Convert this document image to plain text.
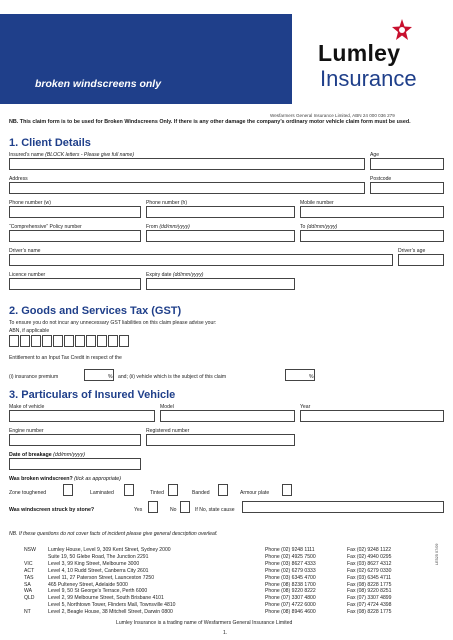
broken windscreens only
Lumley
Insurance
Wesfarmers General Insurance Limited, ABN 24 000 036 279
NB. This claim form is to be used for Broken Windscreens Only. If there is any other damage the company’s ordinary motor vehicle claim form must be used.
1. Client Details
Insured’s name (BLOCK letters - Please give full name)	Age
Address	Postcode
Phone number (w)	Phone number (h)	Mobile number
“Comprehensive” Policy number	From (dd/mm/yyyy)	To (dd/mm/yyyy)
Driver’s name	Driver’s age
Licence number	Expiry date (dd/mm/yyyy)
2. Goods and Services Tax (GST)
To ensure you do not incur any unnecessary GST liabilities on this claim please advise your:
ABN, if applicable
Entitlement to an Input Tax Credit in respect of the
(i) insurance premium	% and; (ii) vehicle which is the subject of this claim	%
3. Particulars of Insured Vehicle
Make of vehicle	Model	Year
Engine number	Registered number
Date of breakage (dd/mm/yyyy)
Was broken windscreen? (tick as appropriate)
Zone toughened	Laminated	Tinted	Banded	Armour plate
Was windscreen struck by stone?	Yes	No	If No, state cause
NB. If these questions do not cover facts of incident please give general description overleaf.
NSW Lumley House, Level 9, 309 Kent Street, Sydney 2000	Phone (02) 9248 1111	Fax (02) 9248 1122
Suite 19, 50 Glebe Road, The Junction 2291	Phone (02) 4925 7500	Fax (02) 4940 0295
VIC	Level 3, 99 King Street, Melbourne 3000	Phone (03) 8627 4333	Fax (03) 8627 4312
ACT	Level 4, 10 Rudd Street, Canberra City 2601	Phone (02) 6279 0333	Fax (02) 6279 0330
TAS	Level 11, 27 Paterson Street, Launceston 7250	Phone (03) 6345 4700	Fax (03) 6345 4711
SA	465 Pulteney Street, Adelaide 5000	Phone (08) 8238 1700	Fax (08) 8228 1775
WA	Level 9, 50 St George’s Terrace, Perth 6000	Phone (08) 9220 8222	Fax (08) 9220 8251
QLD	Level 2, 99 Melbourne Street, South Brisbane 4101	Phone (07) 3307 4800	Fax (07) 3307 4899
Level 5, Northtown Tower, Flinders Mall, Townsville 4810	Phone (07) 4722 6000	Fax (07) 4724 4398
NT	Level 2, Beagle House, 38 Mitchell Street, Darwin 0800	Phone (08) 8946 4600	Fax (08) 8228 1775
Lumley Insurance is a trading name of Wesfarmers General Insurance Limited
1.
LE525 07/09
